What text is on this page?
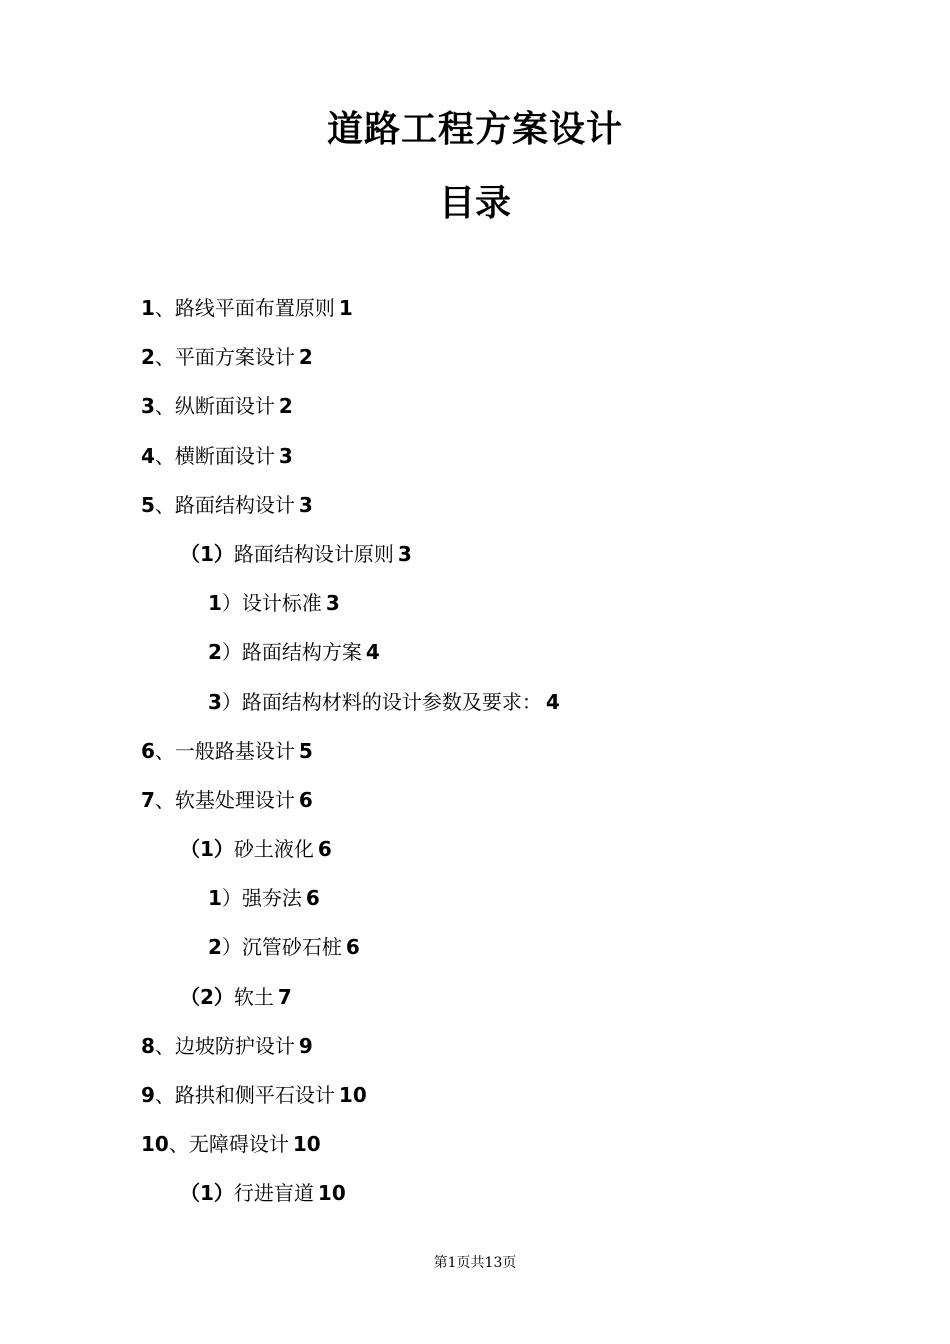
道路工程方案设计
目录
1、路线平面布置原则 1
2、平面方案设计 2
3、纵断面设计 2
4、横断面设计 3
5、路面结构设计 3
（1）路面结构设计原则 3
1）设计标准 3
2）路面结构方案 4
3）路面结构材料的设计参数及要求： 4
6、一般路基设计 5
7、软基处理设计 6
（1）砂土液化 6
1）强夯法 6
2）沉管砂石桩 6
（2）软土 7
8、边坡防护设计 9
9、路拱和侧平石设计 10
10、无障碍设计 10
（1）行进盲道 10
第1页共13页
